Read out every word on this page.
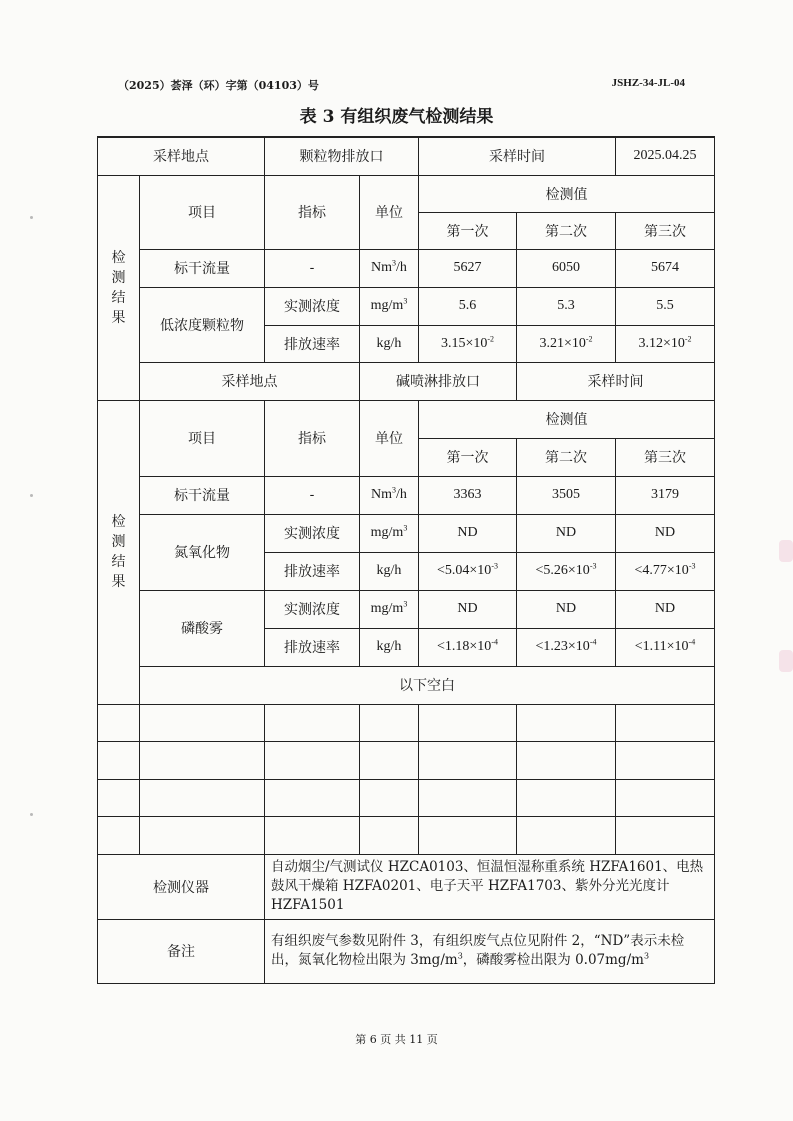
（2025）荟泽（环）字第（04103）号	JSHZ-34-JL-04
表 3 有组织废气检测结果
采样地点		颗粒物排放口		采样时间		2025.04.25	
检
测
结
果	项目	指标	单位	检测值			
				第一次	第二次	第三次	
	标干流量	-	Nm$^3$/h	5627	6050	5674	
	低浓度颗粒物	实测浓度	$mg/m^3$	5.6	5.3	5.5	
		排放速率	kg/h	$3.15\times 10^{-2}$	$3.21\times 10^{-2}$	$3.12\times 10^{-2}$
	采样地点		碱喷淋排放口		采样时间	
检
测
结
果	项目	指标	单位	检测值			
				第一次	第二次	第三次	
	标干流量	-	Nm$^3$/h	3363	3505	3179	
	氮氧化物	实测浓度	$mg/m^3$	ND	ND	ND	
		排放速率	kg/h	$<5.04\times 10^{-3}$	$<5.26\times 10^{-3}$	$<4.77\times 10^{-3}$
	磷酸雾	实测浓度	$mg/m^3$	ND	ND	ND	
		排放速率	kg/h	$<1.18\times 10^{-4}$	$<1.23\times 10^{-4}$	$<1.11\times 10^{-4}$
	以下空白						

检测仪器		自动烟尘/气测试仪 HZCA0103、恒温恒湿称重系统 HZFA1601、电热鼓风干燥箱 HZFA0201、电子天平 HZFA1703、紫外分光光度计 HZFA1501					
备注		有组织废气参数见附件 3，有组织废气点位见附件 2，“ND”表示未检出，氮氧化物检出限为 $3mg/m^3$，磷酸雾检出限为 $0.07mg/m^3$
第 6 页 共 11 页
